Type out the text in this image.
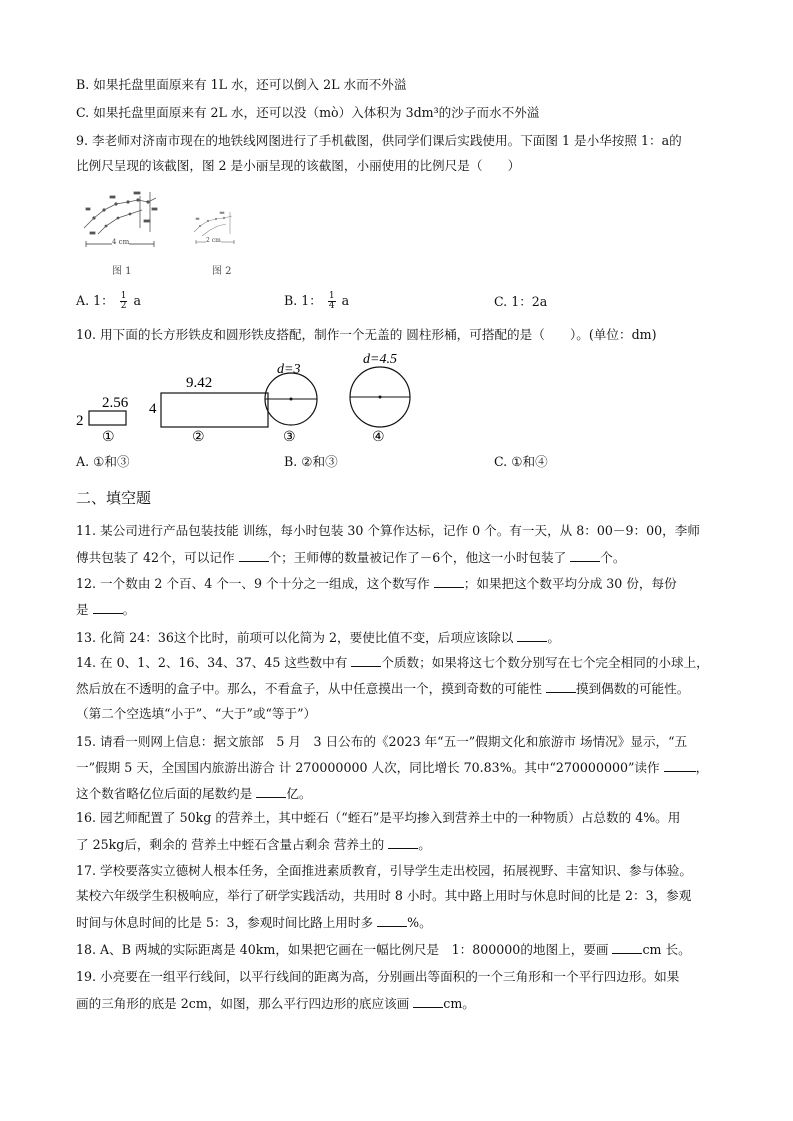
B. 如果托盘里面原来有 1L 水，还可以倒入 2L 水而不外溢
C. 如果托盘里面原来有 2L 水，还可以没（mò）入体积为 3dm³的沙子而水不外溢
9. 李老师对济南市现在的地铁线网图进行了手机截图，供同学们课后实践使用。下面图 1 是小华按照 1：a的
比例尺呈现的该截图，图 2 是小丽呈现的该截图，小丽使用的比例尺是（　　）
4 cm
图 1
2 cm
图 2
A. 1： $\frac{1}{2}$ a	B. 1： $\frac{1}{4}$ a	C. 1：2a
10. 用下面的长方形铁皮和圆形铁皮搭配，制作一个无盖的 圆柱形桶，可搭配的是（　　）。(单位：dm)
2.56
2
①
9.42
4
②
d=3
③
d=4.5
④
A. ①和③	B. ②和③	C. ①和④
二、填空题
11. 某公司进行产品包装技能 训练，每小时包装 30 个算作达标，记作 0 个。有一天，从 8：00－9：00，李师
傅共包装了 42个，可以记作 个；王师傅的数量被记作了－6个，他这一小时包装了 个。
12. 一个数由 2 个百、4 个一、9 个十分之一组成，这个数写作 ；如果把这个数平均分成 30 份，每份
是 。
13. 化简 24：36这个比时，前项可以化简为 2，要使比值不变，后项应该除以 。
14. 在 0、1、2、16、34、37、45 这些数中有 个质数；如果将这七个数分别写在七个完全相同的小球上，
然后放在不透明的盒子中。那么，不看盒子，从中任意摸出一个，摸到奇数的可能性 摸到偶数的可能性。
（第二个空选填“小于”、“大于”或“等于”）
15. 请看一则网上信息：据文旅部　5 月　3 日公布的《2023 年“五一”假期文化和旅游市 场情况》显示，“五
一”假期 5 天，全国国内旅游出游合 计 270000000 人次，同比增长 70.83%。其中“270000000”读作	，
这个数省略亿位后面的尾数约是 亿。
16. 园艺师配置了 50kg 的营养土，其中蛭石（“蛭石”是平均掺入到营养土中的一种物质）占总数的 4%。用
了 25kg后，剩余的 营养土中蛭石含量占剩余 营养土的 。
17. 学校要落实立德树人根本任务，全面推进素质教育，引导学生走出校园，拓展视野、丰富知识、参与体验。
某校六年级学生积极响应，举行了研学实践活动，共用时 8 小时。其中路上用时与休息时间的比是 2：3，参观
时间与休息时间的比是 5：3，参观时间比路上用时多 %。
18. A、B 两城的实际距离是 40km，如果把它画在一幅比例尺是　1：800000的地图上，要画 cm 长。
19. 小亮要在一组平行线间，以平行线间的距离为高，分别画出等面积的一个三角形和一个平行四边形。如果
画的三角形的底是 2cm，如图，那么平行四边形的底应该画 cm。
